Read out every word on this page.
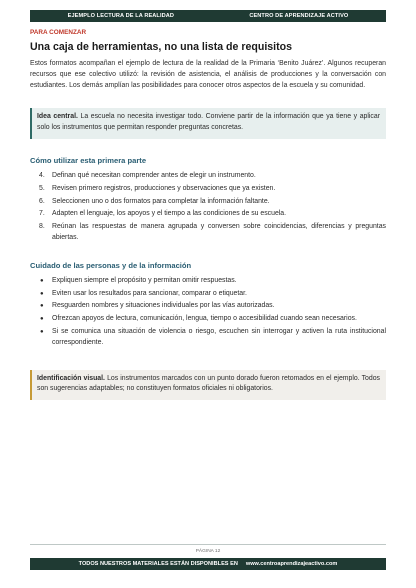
EJEMPLO LECTURA DE LA REALIDAD	CENTRO DE APRENDIZAJE ACTIVO
PARA COMENZAR
Una caja de herramientas, no una lista de requisitos

Estos formatos acompañan el ejemplo de lectura de la realidad de la Primaria ‘Benito Juárez’. Algunos recuperan recursos que ese colectivo utilizó: la revisión de asistencia, el análisis de producciones y la conversación con estudiantes. Los demás amplían las posibilidades para conocer otros aspectos de la escuela y su comunidad.

Idea central. La escuela no necesita investigar todo. Conviene partir de la información que ya tiene y aplicar solo los instrumentos que permitan responder preguntas concretas.
Cómo utilizar esta primera parte
4. Definan qué necesitan comprender antes de elegir un instrumento.
5. Revisen primero registros, producciones y observaciones que ya existen.
6. Seleccionen uno o dos formatos para completar la información faltante.
7. Adapten el lenguaje, los apoyos y el tiempo a las condiciones de su escuela.
8. Reúnan las respuestas de manera agrupada y conversen sobre coincidencias, diferencias y preguntas abiertas.
Cuidado de las personas y de la información
● Expliquen siempre el propósito y permitan omitir respuestas.
● Eviten usar los resultados para sancionar, comparar o etiquetar.
● Resguarden nombres y situaciones individuales por las vías autorizadas.
● Ofrezcan apoyos de lectura, comunicación, lengua, tiempo o accesibilidad cuando sean necesarios.
● Si se comunica una situación de violencia o riesgo, escuchen sin interrogar y activen la ruta institucional correspondiente.
Identificación visual. Los instrumentos marcados con un punto dorado fueron retomados en el ejemplo. Todos son sugerencias adaptables; no constituyen formatos oficiales ni obligatorios.
PÁGINA 12
TODOS NUESTROS MATERIALES ESTÁN DISPONIBLES EN www.centroaprendizajeactivo.com
